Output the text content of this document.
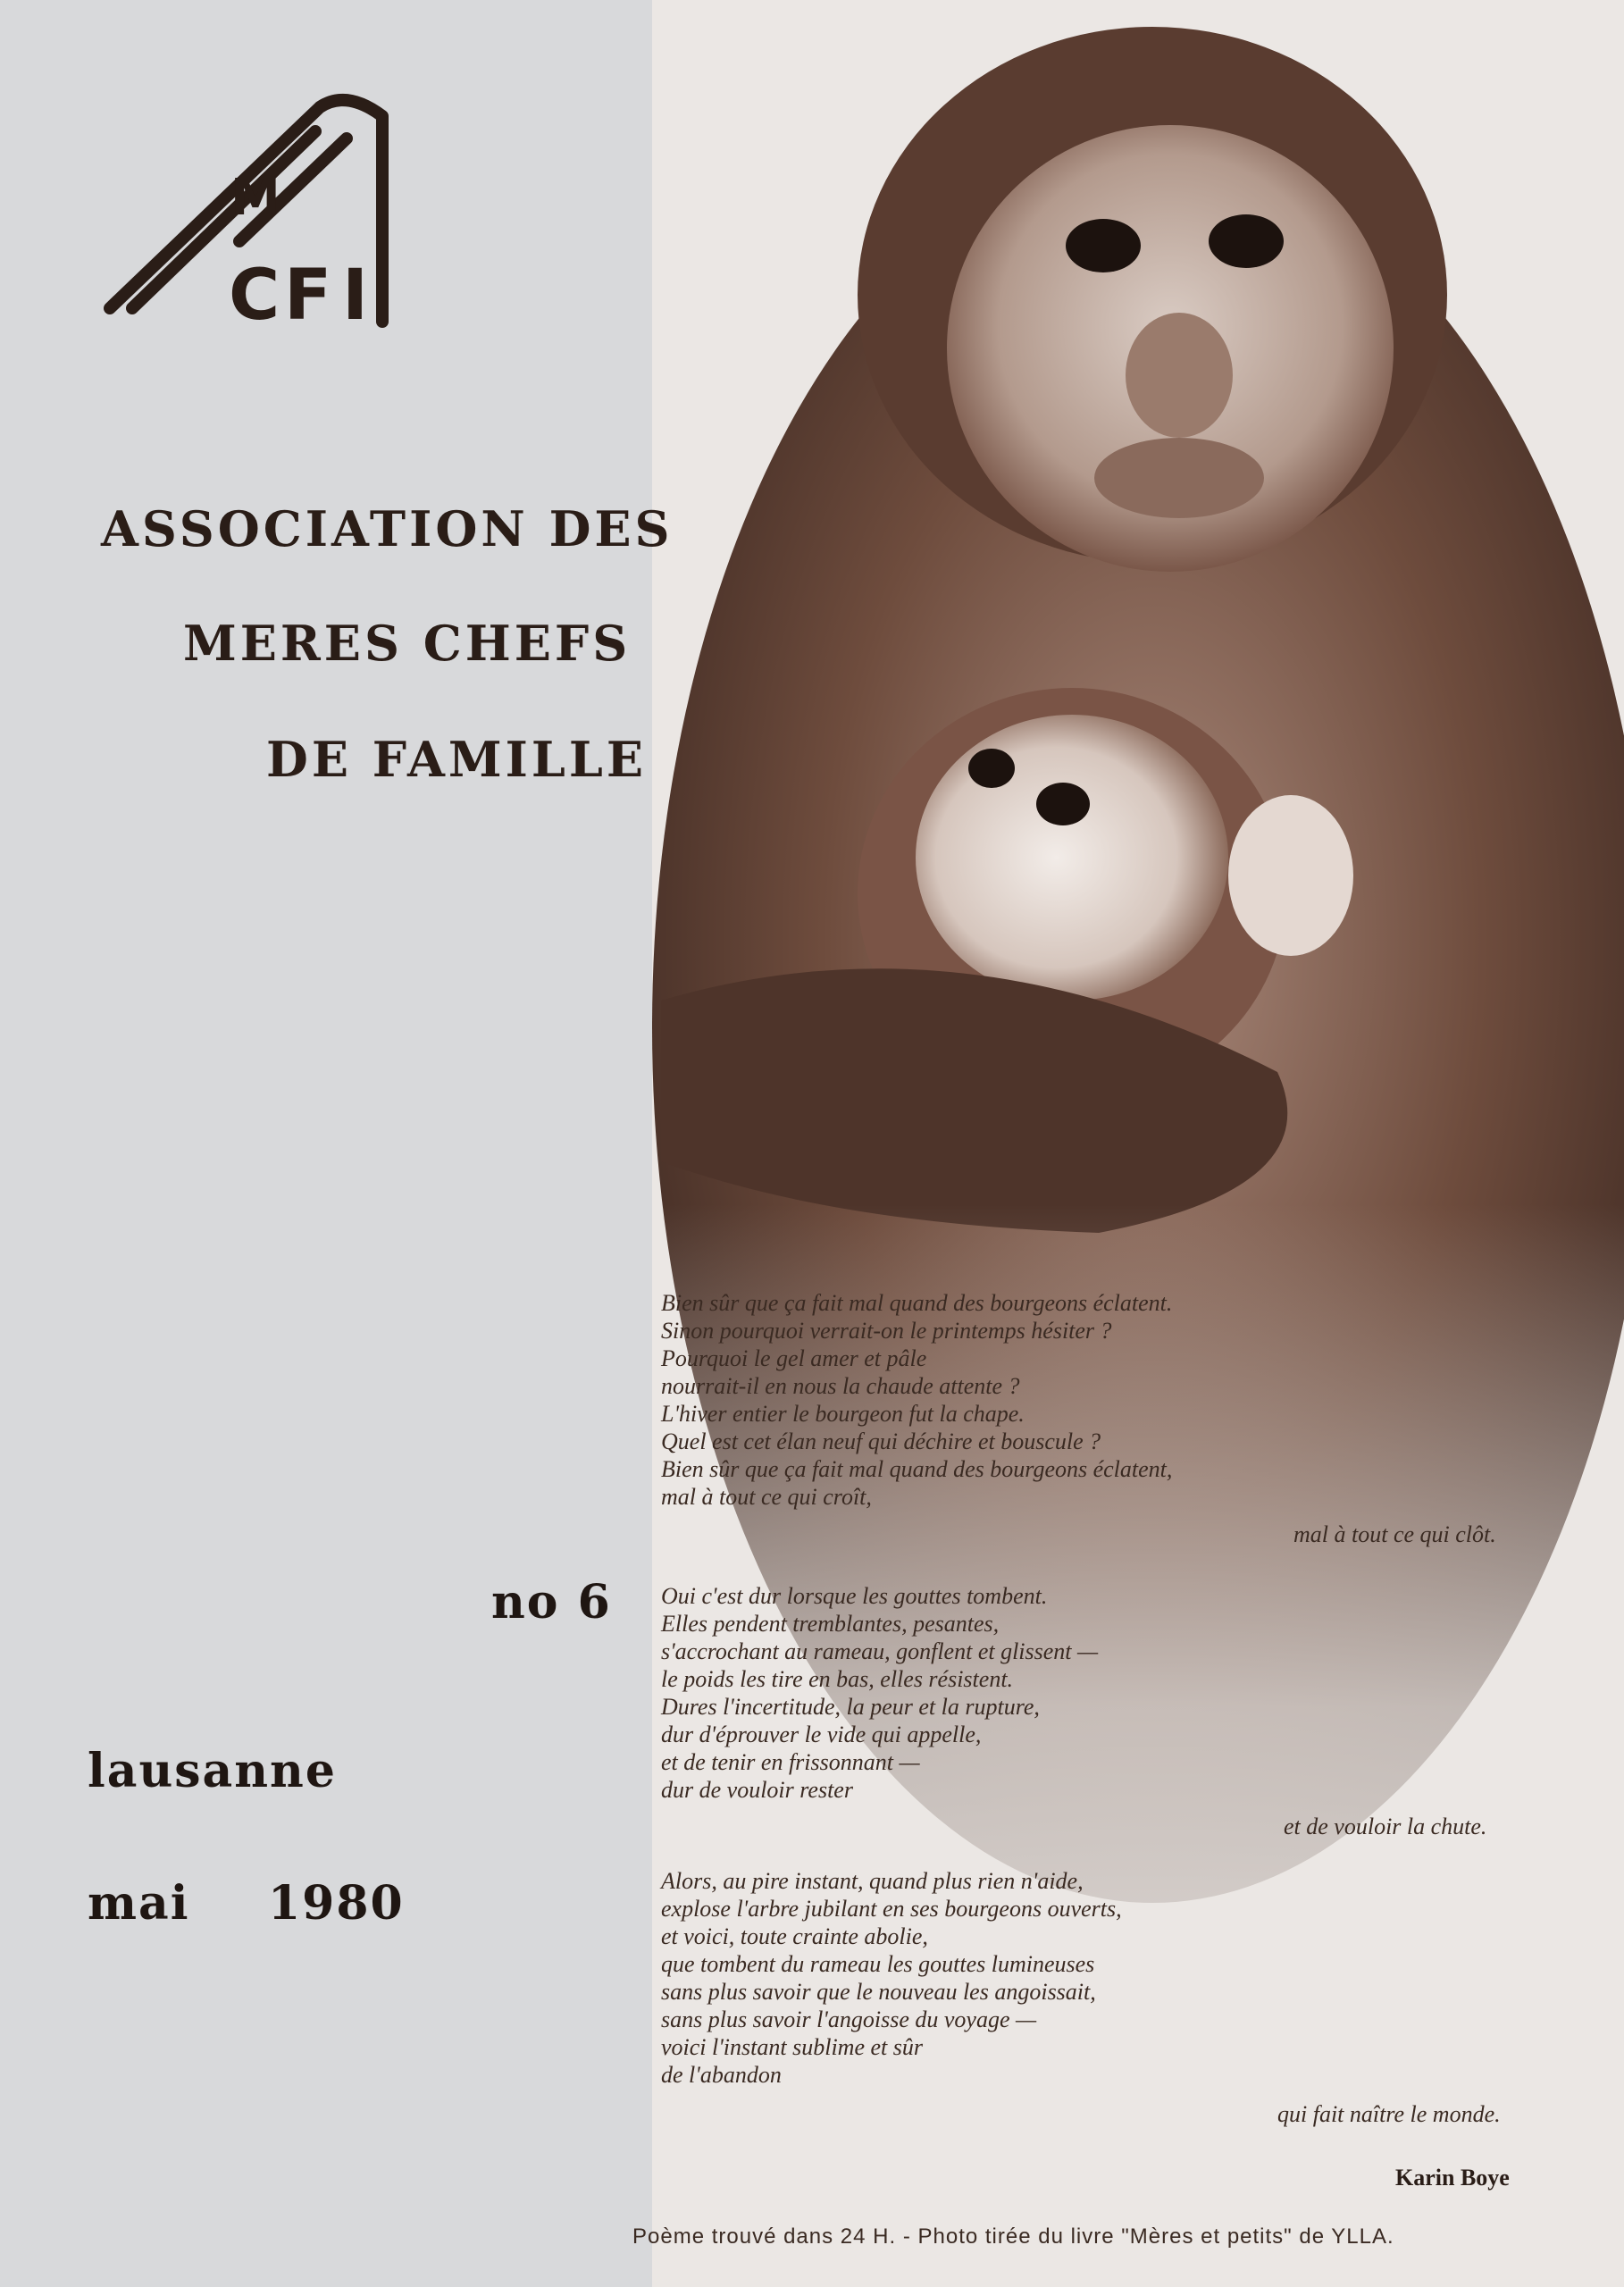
M
C F I
ASSOCIATION DES
MERES CHEFS
DE FAMILLE
no 6
lausanne
mai 1980
Bien sûr que ça fait mal quand des bourgeons éclatent.
Sinon pourquoi verrait-on le printemps hésiter ?
Pourquoi le gel amer et pâle
nourrait-il en nous la chaude attente ?
L'hiver entier le bourgeon fut la chape.
Quel est cet élan neuf qui déchire et bouscule ?
Bien sûr que ça fait mal quand des bourgeons éclatent,
mal à tout ce qui croît,
mal à tout ce qui clôt.
Oui c'est dur lorsque les gouttes tombent.
Elles pendent tremblantes, pesantes,
s'accrochant au rameau, gonflent et glissent —
le poids les tire en bas, elles résistent.
Dures l'incertitude, la peur et la rupture,
dur d'éprouver le vide qui appelle,
et de tenir en frissonnant —
dur de vouloir rester
et de vouloir la chute.
Alors, au pire instant, quand plus rien n'aide,
explose l'arbre jubilant en ses bourgeons ouverts,
et voici, toute crainte abolie,
que tombent du rameau les gouttes lumineuses
sans plus savoir que le nouveau les angoissait,
sans plus savoir l'angoisse du voyage —
voici l'instant sublime et sûr
de l'abandon
qui fait naître le monde.
Karin Boye
Poème trouvé dans 24 H. - Photo tirée du livre "Mères et petits" de YLLA.
